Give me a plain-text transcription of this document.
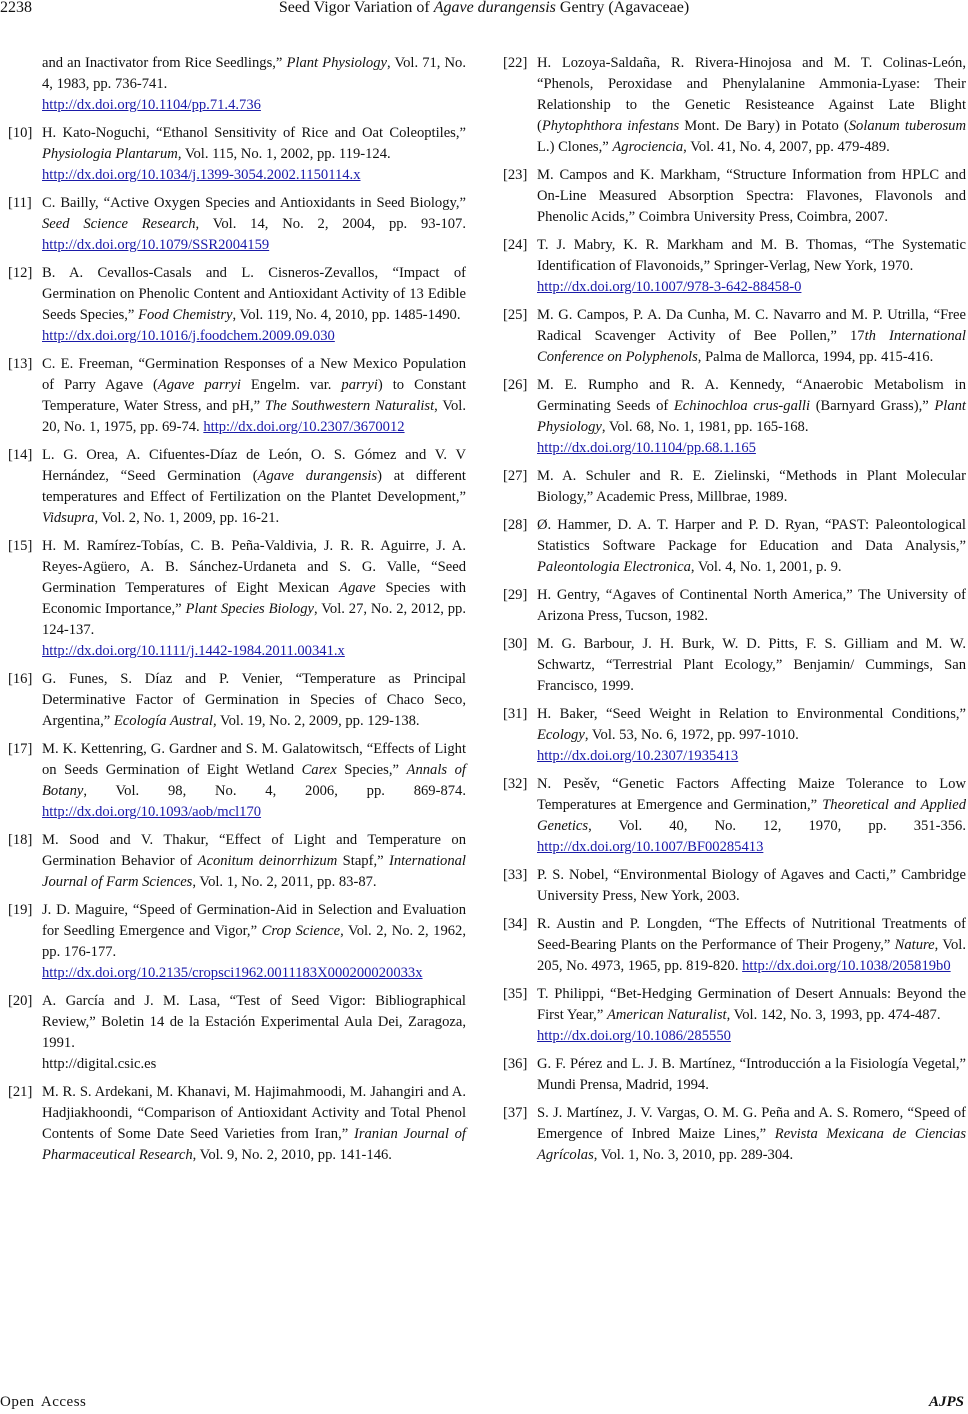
2238	Seed Vigor Variation of Agave durangensis Gentry (Agavaceae)
and an Inactivator from Rice Seedlings,” Plant Physiology, Vol. 71, No. 4, 1983, pp. 736-741.
http://dx.doi.org/10.1104/pp.71.4.736
[10] H. Kato-Noguchi, “Ethanol Sensitivity of Rice and Oat Coleoptiles,” Physiologia Plantarum, Vol. 115, No. 1, 2002, pp. 119-124.
http://dx.doi.org/10.1034/j.1399-3054.2002.1150114.x
[11] C. Bailly, “Active Oxygen Species and Antioxidants in Seed Biology,” Seed Science Research, Vol. 14, No. 2, 2004, pp. 93-107. http://dx.doi.org/10.1079/SSR2004159
[12] B. A. Cevallos-Casals and L. Cisneros-Zevallos, “Impact of Germination on Phenolic Content and Antioxidant Activity of 13 Edible Seeds Species,” Food Chemistry, Vol. 119, No. 4, 2010, pp. 1485-1490.
http://dx.doi.org/10.1016/j.foodchem.2009.09.030
[13] C. E. Freeman, “Germination Responses of a New Mexico Population of Parry Agave (Agave parryi Engelm. var. parryi) to Constant Temperature, Water Stress, and pH,” The Southwestern Naturalist, Vol. 20, No. 1, 1975, pp. 69-74. http://dx.doi.org/10.2307/3670012
[14] L. G. Orea, A. Cifuentes-Díaz de León, O. S. Gómez and V. V Hernández, “Seed Germination (Agave durangensis) at different temperatures and Effect of Fertilization on the Plantet Development,” Vidsupra, Vol. 2, No. 1, 2009, pp. 16-21.
[15] H. M. Ramírez-Tobías, C. B. Peña-Valdivia, J. R. R. Aguirre, J. A. Reyes-Agüero, A. B. Sánchez-Urdaneta and S. G. Valle, “Seed Germination Temperatures of Eight Mexican Agave Species with Economic Importance,” Plant Species Biology, Vol. 27, No. 2, 2012, pp. 124-137.
http://dx.doi.org/10.1111/j.1442-1984.2011.00341.x
[16] G. Funes, S. Díaz and P. Venier, “Temperature as Principal Determinative Factor of Germination in Species of Chaco Seco, Argentina,” Ecología Austral, Vol. 19, No. 2, 2009, pp. 129-138.
[17] M. K. Kettenring, G. Gardner and S. M. Galatowitsch, “Effects of Light on Seeds Germination of Eight Wetland Carex Species,” Annals of Botany, Vol. 98, No. 4, 2006, pp. 869-874. http://dx.doi.org/10.1093/aob/mcl170
[18] M. Sood and V. Thakur, “Effect of Light and Temperature on Germination Behavior of Aconitum deinorrhizum Stapf,” International Journal of Farm Sciences, Vol. 1, No. 2, 2011, pp. 83-87.
[19] J. D. Maguire, “Speed of Germination-Aid in Selection and Evaluation for Seedling Emergence and Vigor,” Crop Science, Vol. 2, No. 2, 1962, pp. 176-177.
http://dx.doi.org/10.2135/cropsci1962.0011183X000200020033x
[20] A. García and J. M. Lasa, “Test of Seed Vigor: Bibliographical Review,” Boletin 14 de la Estación Experimental Aula Dei, Zaragoza, 1991.
http://digital.csic.es
[21] M. R. S. Ardekani, M. Khanavi, M. Hajimahmoodi, M. Jahangiri and A. Hadjiakhoondi, “Comparison of Antioxidant Activity and Total Phenol Contents of Some Date Seed Varieties from Iran,” Iranian Journal of Pharmaceutical Research, Vol. 9, No. 2, 2010, pp. 141-146.
[22] H. Lozoya-Saldaña, R. Rivera-Hinojosa and M. T. Colinas-León, “Phenols, Peroxidase and Phenylalanine Ammonia-Lyase: Their Relationship to the Genetic Resisteance Against Late Blight (Phytophthora infestans Mont. De Bary) in Potato (Solanum tuberosum L.) Clones,” Agrociencia, Vol. 41, No. 4, 2007, pp. 479-489.
[23] M. Campos and K. Markham, “Structure Information from HPLC and On-Line Measured Absorption Spectra: Flavones, Flavonols and Phenolic Acids,” Coimbra University Press, Coimbra, 2007.
[24] T. J. Mabry, K. R. Markham and M. B. Thomas, “The Systematic Identification of Flavonoids,” Springer-Verlag, New York, 1970.
http://dx.doi.org/10.1007/978-3-642-88458-0
[25] M. G. Campos, P. A. Da Cunha, M. C. Navarro and M. P. Utrilla, “Free Radical Scavenger Activity of Bee Pollen,” 17th International Conference on Polyphenols, Palma de Mallorca, 1994, pp. 415-416.
[26] M. E. Rumpho and R. A. Kennedy, “Anaerobic Metabolism in Germinating Seeds of Echinochloa crus-galli (Barnyard Grass),” Plant Physiology, Vol. 68, No. 1, 1981, pp. 165-168.
http://dx.doi.org/10.1104/pp.68.1.165
[27] M. A. Schuler and R. E. Zielinski, “Methods in Plant Molecular Biology,” Academic Press, Millbrae, 1989.
[28] Ø. Hammer, D. A. T. Harper and P. D. Ryan, “PAST: Paleontological Statistics Software Package for Education and Data Analysis,” Paleontologia Electronica, Vol. 4, No. 1, 2001, p. 9.
[29] H. Gentry, “Agaves of Continental North America,” The University of Arizona Press, Tucson, 1982.
[30] M. G. Barbour, J. H. Burk, W. D. Pitts, F. S. Gilliam and M. W. Schwartz, “Terrestrial Plant Ecology,” Benjamin/ Cummings, San Francisco, 1999.
[31] H. Baker, “Seed Weight in Relation to Environmental Conditions,” Ecology, Vol. 53, No. 6, 1972, pp. 997-1010.
http://dx.doi.org/10.2307/1935413
[32] N. Pesěv, “Genetic Factors Affecting Maize Tolerance to Low Temperatures at Emergence and Germination,” Theoretical and Applied Genetics, Vol. 40, No. 12, 1970, pp. 351-356. http://dx.doi.org/10.1007/BF00285413
[33] P. S. Nobel, “Environmental Biology of Agaves and Cacti,” Cambridge University Press, New York, 2003.
[34] R. Austin and P. Longden, “The Effects of Nutritional Treatments of Seed-Bearing Plants on the Performance of Their Progeny,” Nature, Vol. 205, No. 4973, 1965, pp. 819-820. http://dx.doi.org/10.1038/205819b0
[35] T. Philippi, “Bet-Hedging Germination of Desert Annuals: Beyond the First Year,” American Naturalist, Vol. 142, No. 3, 1993, pp. 474-487.
http://dx.doi.org/10.1086/285550
[36] G. F. Pérez and L. J. B. Martínez, “Introducción a la Fisiología Vegetal,” Mundi Prensa, Madrid, 1994.
[37] S. J. Martínez, J. V. Vargas, O. M. G. Peña and A. S. Romero, “Speed of Emergence of Inbred Maize Lines,” Revista Mexicana de Ciencias Agrícolas, Vol. 1, No. 3, 2010, pp. 289-304.
Open Access	AJPS
